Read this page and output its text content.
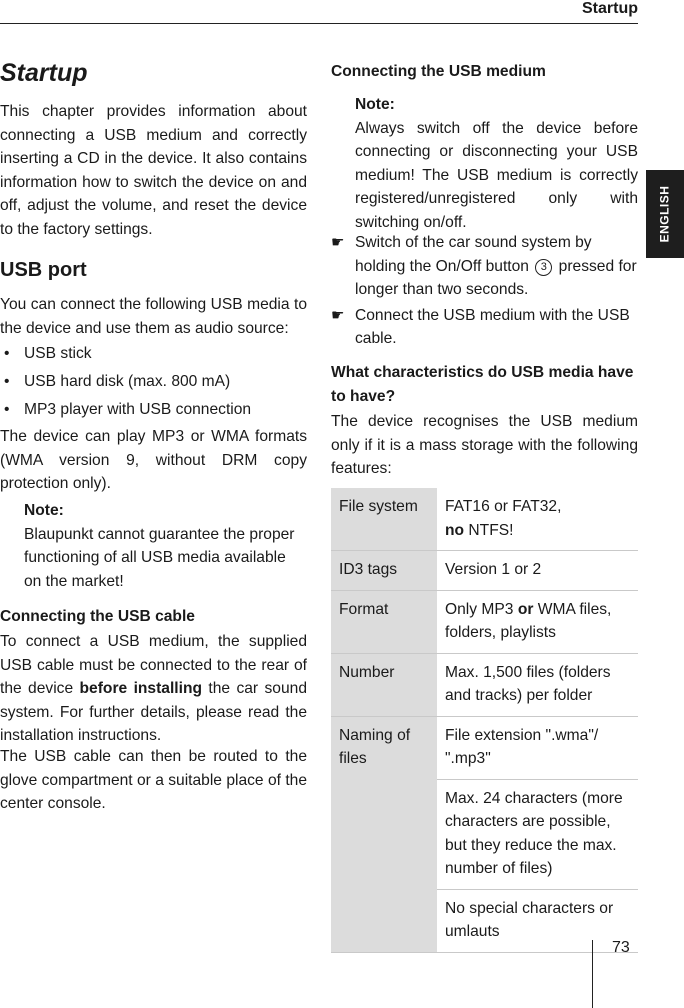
Startup
ENGLISH
Startup

This chapter provides information about connecting a USB medium and correctly inserting a CD in the device. It also contains information how to switch the device on and off, adjust the volume, and reset the device to the factory settings.

USB port

You can connect the following USB media to the device and use them as audio source:

• USB stick
• USB hard disk (max. 800 mA)
• MP3 player with USB connection

The device can play MP3 or WMA formats (WMA version 9, without DRM copy protection only).

Note:

Blaupunkt cannot guarantee the proper functioning of all USB media available on the market!

Connecting the USB cable

To connect a USB medium, the supplied USB cable must be connected to the rear of the device before installing the car sound system. For further details, please read the installation instructions.

The USB cable can then be routed to the glove compartment or a suitable place of the center console.

Connecting the USB medium
Note:

Always switch off the device before connecting or disconnecting your USB medium! The USB medium is correctly registered/unregistered only with switching on/off.

☛ Switch of the car sound system by holding the On/Off button 3 pressed for longer than two seconds.
☛ Connect the USB medium with the USB cable.
What characteristics do USB media have to have?

The device recognises the USB medium only if it is a mass storage with the following features:

File system	FAT16 or FAT32,
no NTFS!
ID3 tags	Version 1 or 2
Format	Only MP3 or WMA files, folders, playlists
Number	Max. 1,500 files (folders and tracks) per folder
Naming of files	File extension ".wma"/ ".mp3"
	Max. 24 characters (more characters are possible, but they reduce the max. number of files)
	No special characters or umlauts
73
